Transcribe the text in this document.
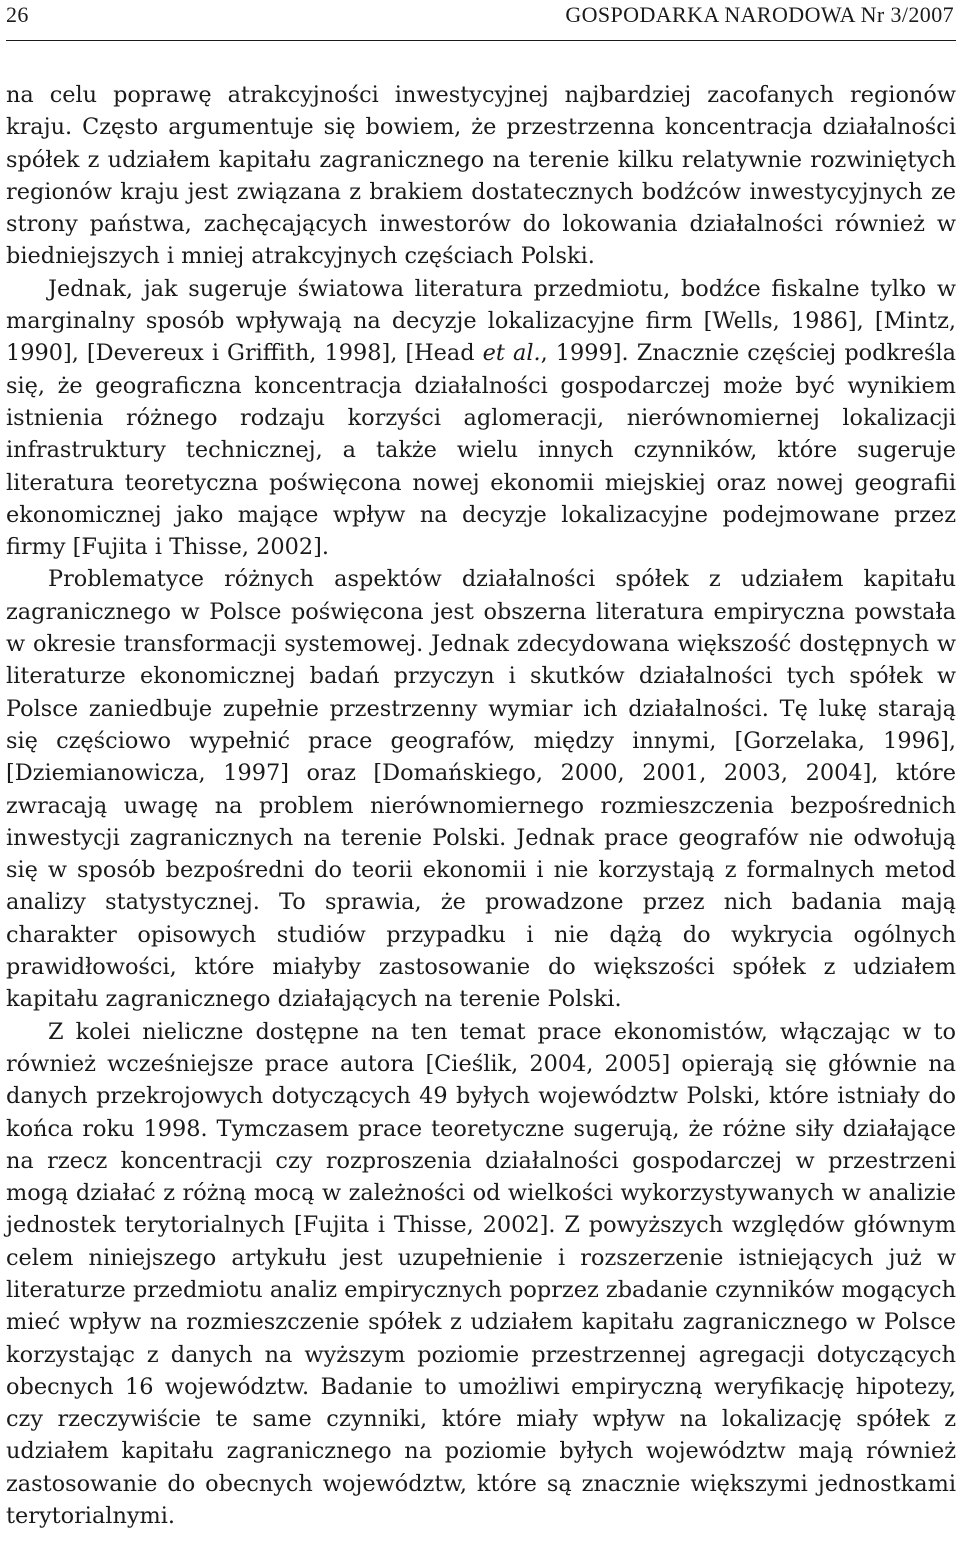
26	GOSPODARKA NARODOWA Nr 3/2007

na celu poprawę atrakcyjności inwestycyjnej najbardziej zacofanych regionów kraju. Często argumentuje się bowiem, że przestrzenna koncentracja działalności spółek z udziałem kapitału zagranicznego na terenie kilku relatywnie rozwiniętych regionów kraju jest związana z brakiem dostatecznych bodźców inwestycyjnych ze strony państwa, zachęcających inwestorów do lokowania działalności również w biedniejszych i mniej atrakcyjnych częściach Polski.

Jednak, jak sugeruje światowa literatura przedmiotu, bodźce fiskalne tylko w marginalny sposób wpływają na decyzje lokalizacyjne firm [Wells, 1986], [Mintz, 1990], [Devereux i Griffith, 1998], [Head et al., 1999]. Znacznie częściej podkreśla się, że geograficzna koncentracja działalności gospodarczej może być wynikiem istnienia różnego rodzaju korzyści aglomeracji, nierównomiernej lokalizacji infrastruktury technicznej, a także wielu innych czynników, które sugeruje literatura teoretyczna poświęcona nowej ekonomii miejskiej oraz nowej geografii ekonomicznej jako mające wpływ na decyzje lokalizacyjne podejmowane przez firmy [Fujita i Thisse, 2002].

Problematyce różnych aspektów działalności spółek z udziałem kapitału zagranicznego w Polsce poświęcona jest obszerna literatura empiryczna powstała w okresie transformacji systemowej. Jednak zdecydowana większość dostępnych w literaturze ekonomicznej badań przyczyn i skutków działalności tych spółek w Polsce zaniedbuje zupełnie przestrzenny wymiar ich działalności. Tę lukę starają się częściowo wypełnić prace geografów, między innymi, [Gorzelaka, 1996], [Dziemianowicza, 1997] oraz [Domańskiego, 2000, 2001, 2003, 2004], które zwracają uwagę na problem nierównomiernego rozmieszczenia bezpośrednich inwestycji zagranicznych na terenie Polski. Jednak prace geografów nie odwołują się w sposób bezpośredni do teorii ekonomii i nie korzystają z formalnych metod analizy statystycznej. To sprawia, że prowadzone przez nich badania mają charakter opisowych studiów przypadku i nie dążą do wykrycia ogólnych prawidłowości, które miałyby zastosowanie do większości spółek z udziałem kapitału zagranicznego działających na terenie Polski.

Z kolei nieliczne dostępne na ten temat prace ekonomistów, włączając w to również wcześniejsze prace autora [Cieślik, 2004, 2005] opierają się głównie na danych przekrojowych dotyczących 49 byłych województw Polski, które istniały do końca roku 1998. Tymczasem prace teoretyczne sugerują, że różne siły działające na rzecz koncentracji czy rozproszenia działalności gospodarczej w przestrzeni mogą działać z różną mocą w zależności od wielkości wykorzystywanych w analizie jednostek terytorialnych [Fujita i Thisse, 2002]. Z powyższych względów głównym celem niniejszego artykułu jest uzupełnienie i rozszerzenie istniejących już w literaturze przedmiotu analiz empirycznych poprzez zbadanie czynników mogących mieć wpływ na rozmieszczenie spółek z udziałem kapitału zagranicznego w Polsce korzystając z danych na wyższym poziomie przestrzennej agregacji dotyczących obecnych 16 województw. Badanie to umożliwi empiryczną weryfikację hipotezy, czy rzeczywiście te same czynniki, które miały wpływ na lokalizację spółek z udziałem kapitału zagranicznego na poziomie byłych województw mają również zastosowanie do obecnych województw, które są znacznie większymi jednostkami terytorialnymi.
